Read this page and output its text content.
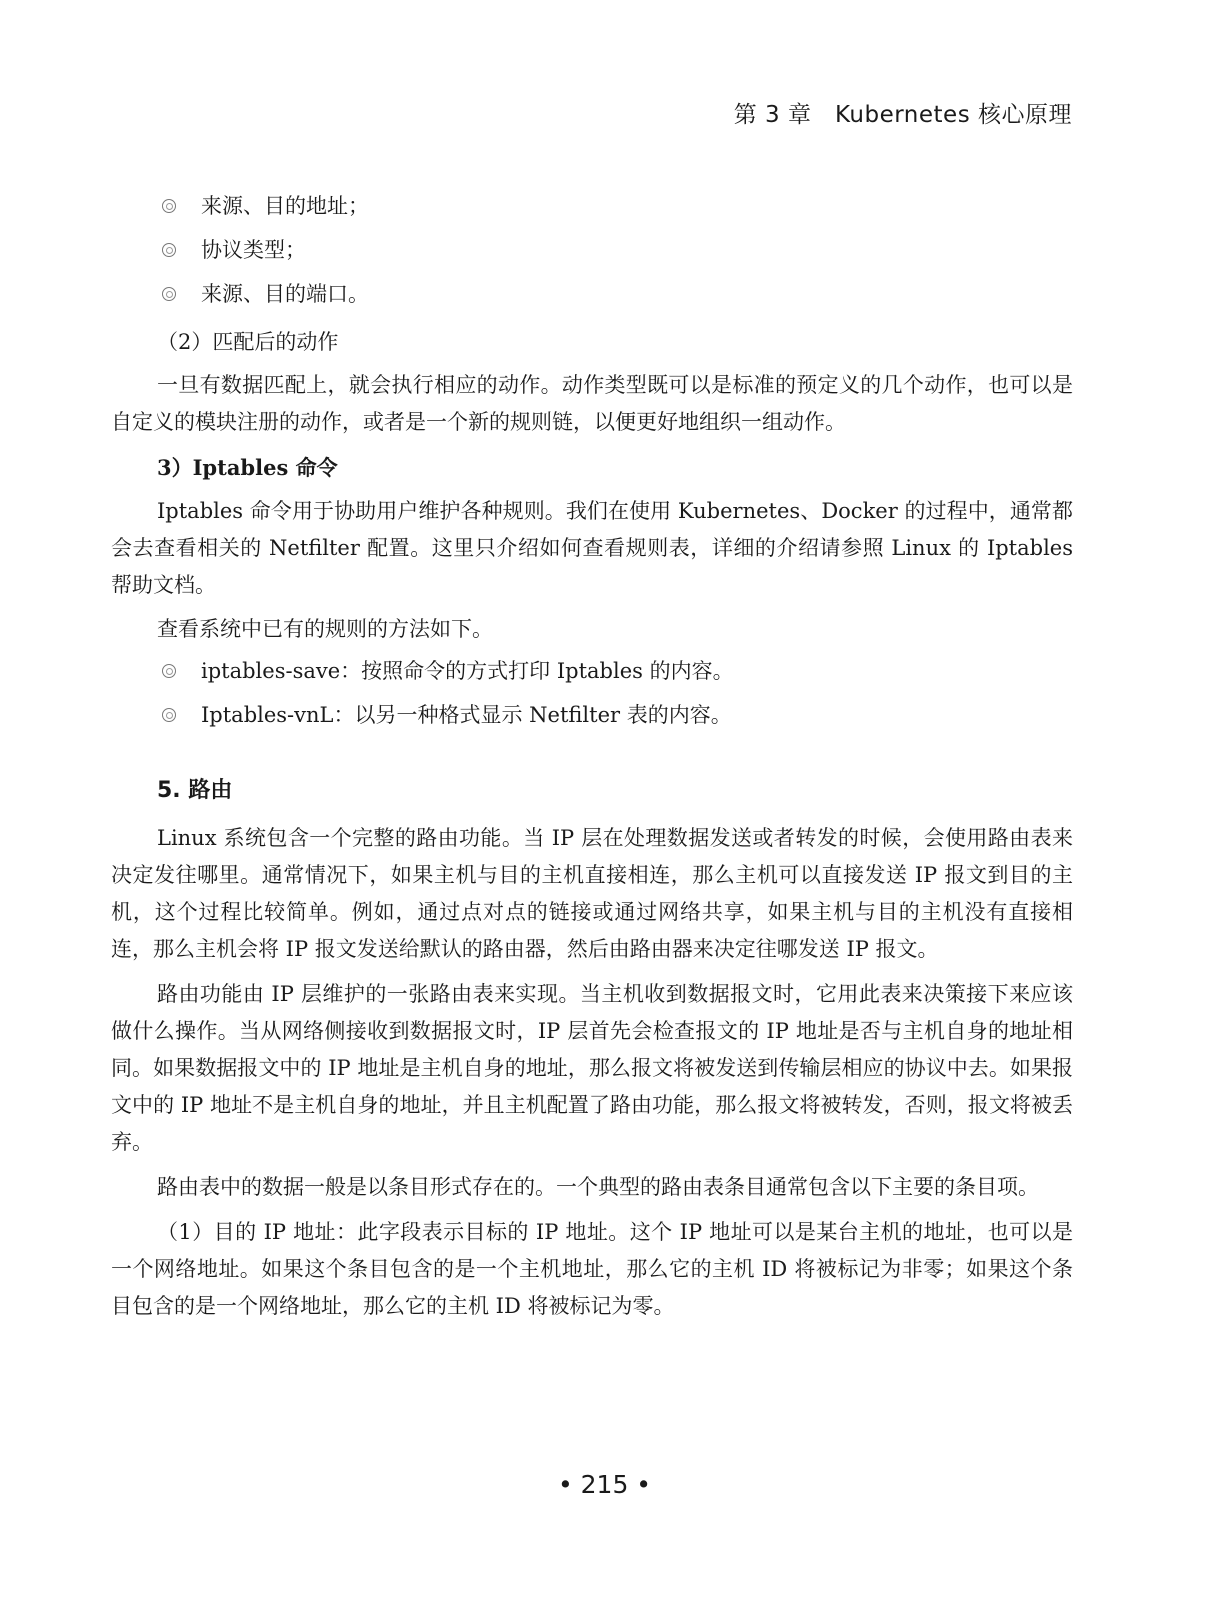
第 3 章　Kubernetes 核心原理
来源、目的地址；
协议类型；
来源、目的端口。
（2）匹配后的动作

一旦有数据匹配上，就会执行相应的动作。动作类型既可以是标准的预定义的几个动作，也可以是自定义的模块注册的动作，或者是一个新的规则链，以便更好地组织一组动作。

3）Iptables 命令

Iptables 命令用于协助用户维护各种规则。我们在使用 Kubernetes、Docker 的过程中，通常都会去查看相关的 Netfilter 配置。这里只介绍如何查看规则表，详细的介绍请参照 Linux 的 Iptables 帮助文档。

查看系统中已有的规则的方法如下。
iptables-save：按照命令的方式打印 Iptables 的内容。
Iptables-vnL：以另一种格式显示 Netfilter 表的内容。
5. 路由

Linux 系统包含一个完整的路由功能。当 IP 层在处理数据发送或者转发的时候，会使用路由表来决定发往哪里。通常情况下，如果主机与目的主机直接相连，那么主机可以直接发送 IP 报文到目的主机，这个过程比较简单。例如，通过点对点的链接或通过网络共享，如果主机与目的主机没有直接相连，那么主机会将 IP 报文发送给默认的路由器，然后由路由器来决定往哪发送 IP 报文。

路由功能由 IP 层维护的一张路由表来实现。当主机收到数据报文时，它用此表来决策接下来应该做什么操作。当从网络侧接收到数据报文时，IP 层首先会检查报文的 IP 地址是否与主机自身的地址相同。如果数据报文中的 IP 地址是主机自身的地址，那么报文将被发送到传输层相应的协议中去。如果报文中的 IP 地址不是主机自身的地址，并且主机配置了路由功能，那么报文将被转发，否则，报文将被丢弃。

路由表中的数据一般是以条目形式存在的。一个典型的路由表条目通常包含以下主要的条目项。

（1）目的 IP 地址：此字段表示目标的 IP 地址。这个 IP 地址可以是某台主机的地址，也可以是一个网络地址。如果这个条目包含的是一个主机地址，那么它的主机 ID 将被标记为非零；如果这个条目包含的是一个网络地址，那么它的主机 ID 将被标记为零。

• 215 •
